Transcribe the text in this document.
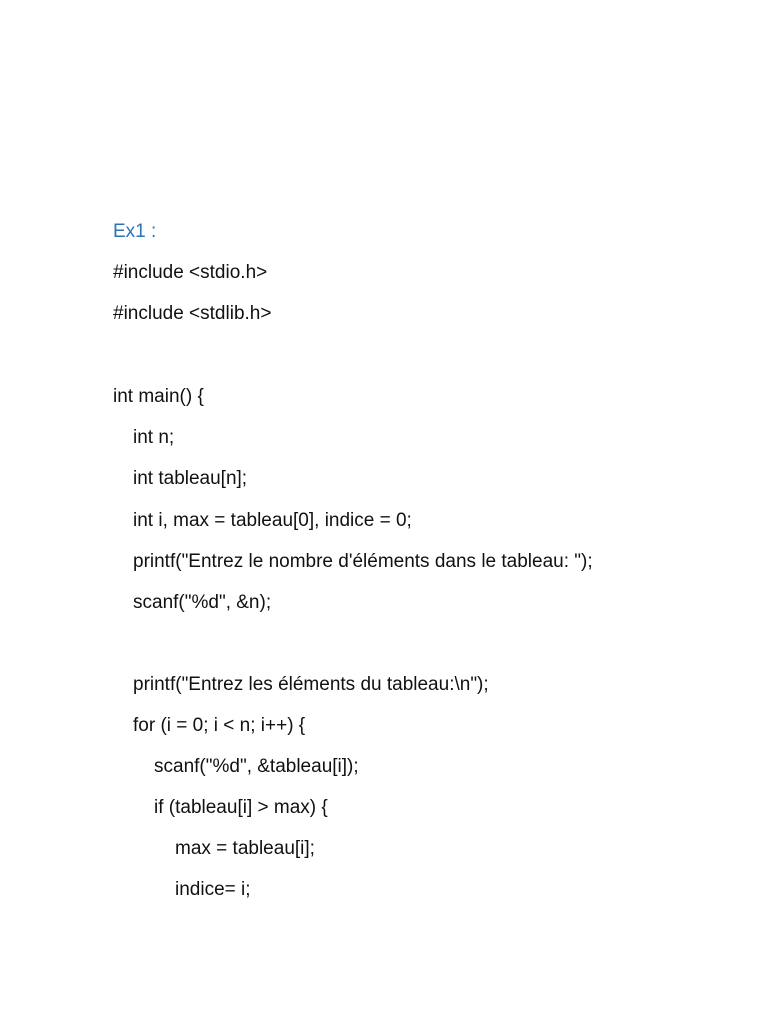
Ex1 :
#include <stdio.h>
#include <stdlib.h>
int main() {
int n;
int tableau[n];
int i, max = tableau[0], indice = 0;
printf("Entrez le nombre d'éléments dans le tableau: ");
scanf("%d", &n);
printf("Entrez les éléments du tableau:\n");
for (i = 0; i < n; i++) {
scanf("%d", &tableau[i]);
if (tableau[i] > max) {
max = tableau[i];
indice= i;
